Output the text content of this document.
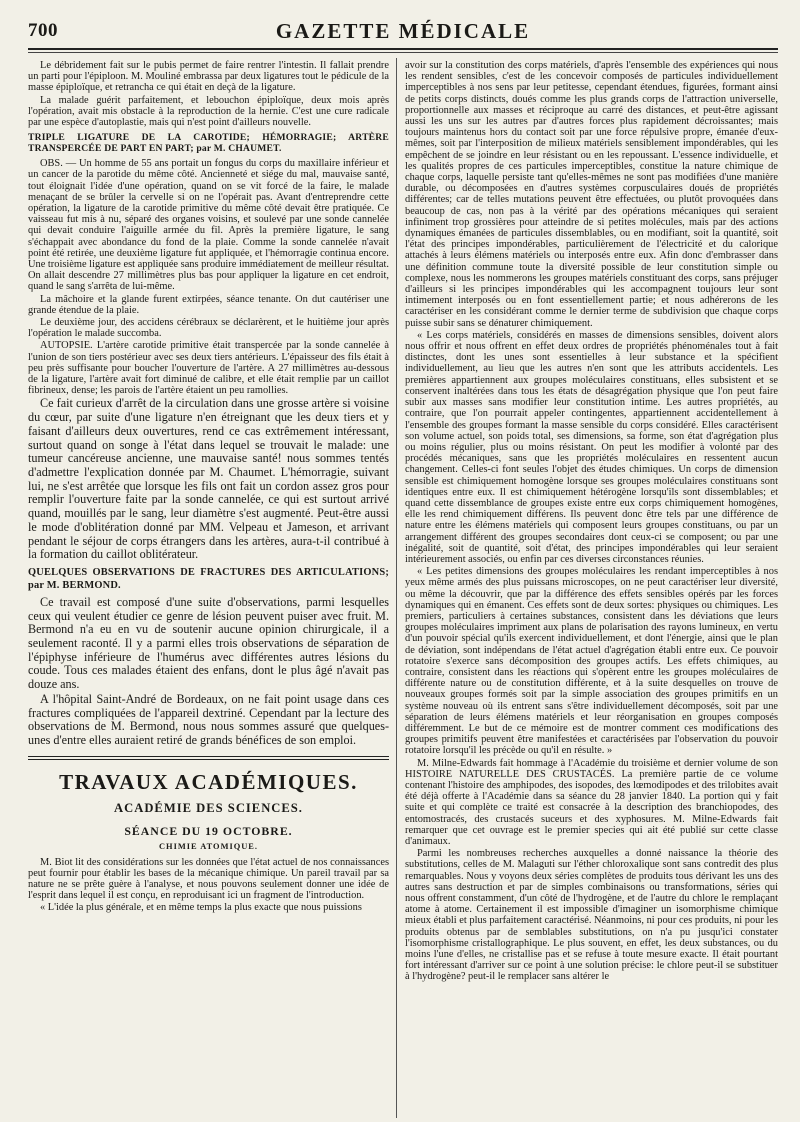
700	GAZETTE MÉDICALE

Le débridement fait sur le pubis permet de faire rentrer l'intestin. Il fallait prendre un parti pour l'épiploon. M. Mouliné embrassa par deux ligatures tout le pédicule de la masse épiploïque, et retrancha ce qui était en deçà de la ligature.

La malade guérit parfaitement, et lebouchon épiploïque, deux mois après l'opération, avait mis obstacle à la reproduction de la hernie. C'est une cure radicale par une espèce d'autoplastie, mais qui n'est point d'ailleurs nouvelle.

TRIPLE LIGATURE DE LA CAROTIDE; HÉMORRAGIE; ARTÈRE TRANSPERCÉE DE PART EN PART; par M. CHAUMET.

OBS. — Un homme de 55 ans portait un fongus du corps du maxillaire inférieur et un cancer de la parotide du même côté. Ancienneté et siége du mal, mauvaise santé, tout éloignait l'idée d'une opération, quand on se vit forcé de la faire, le malade menaçant de se brûler la cervelle si on ne l'opérait pas. Avant d'entreprendre cette opération, la ligature de la carotide primitive du même côté devait être pratiquée. Ce vaisseau fut mis à nu, séparé des organes voisins, et soulevé par une sonde cannelée qui devait conduire l'aiguille armée du fil. Après la première ligature, le sang s'échappait avec abondance du fond de la plaie. Comme la sonde cannelée n'avait point été retirée, une deuxième ligature fut appliquée, et l'hémorragie continua encore. Une troisième ligature est appliquée sans produire immédiatement de meilleur résultat. On allait descendre 27 millimètres plus bas pour appliquer la ligature en cet endroit, quand le sang s'arrêta de lui-même.

La mâchoire et la glande furent extirpées, séance tenante. On dut cautériser une grande étendue de la plaie.

Le deuxième jour, des accidens cérébraux se déclarèrent, et le huitième jour après l'opération le malade succomba.

AUTOPSIE. L'artère carotide primitive était transpercée par la sonde cannelée à l'union de son tiers postérieur avec ses deux tiers antérieurs. L'épaisseur des fils était à peu près suffisante pour boucher l'ouverture de l'artère. A 27 millimètres au-dessous de la ligature, l'artère avait fort diminué de calibre, et elle était remplie par un caillot fibrineux, dense; les parois de l'artère étaient un peu ramollies.

Ce fait curieux d'arrêt de la circulation dans une grosse artère si voisine du cœur, par suite d'une ligature n'en étreignant que les deux tiers et y faisant d'ailleurs deux ouvertures, rend ce cas extrêmement intéressant, surtout quand on songe à l'état dans lequel se trouvait le malade: une tumeur cancéreuse ancienne, une mauvaise santé! nous sommes tentés d'admettre l'explication donnée par M. Chaumet. L'hémorragie, suivant lui, ne s'est arrêtée que lorsque les fils ont fait un cordon assez gros pour remplir l'ouverture faite par la sonde cannelée, ce qui est surtout arrivé quand, mouillés par le sang, leur diamètre s'est augmenté. Peut-être aussi le mode d'oblitération donné par MM. Velpeau et Jameson, et arrivant pendant le séjour de corps étrangers dans les artères, aura-t-il contribué à la formation du caillot oblitérateur.

QUELQUES OBSERVATIONS DE FRACTURES DES ARTICULATIONS; par M. BERMOND.

Ce travail est composé d'une suite d'observations, parmi lesquelles ceux qui veulent étudier ce genre de lésion peuvent puiser avec fruit. M. Bermond n'a eu en vu de soutenir aucune opinion chirurgicale, il a seulement raconté. Il y a parmi elles trois observations de séparation de l'épiphyse inférieure de l'humérus avec différentes autres lésions du coude. Tous ces malades étaient des enfans, dont le plus âgé n'avait pas douze ans.

A l'hôpital Saint-André de Bordeaux, on ne fait point usage dans ces fractures compliquées de l'appareil dextriné. Cependant par la lecture des observations de M. Bermond, nous nous sommes assuré que quelques-unes d'entre elles auraient retiré de grands bénéfices de son emploi.

TRAVAUX ACADÉMIQUES.
ACADÉMIE DES SCIENCES.
SÉANCE DU 19 OCTOBRE.
CHIMIE ATOMIQUE.

M. Biot lit des considérations sur les données que l'état actuel de nos connaissances peut fournir pour établir les bases de la mécanique chimique. Un pareil travail par sa nature ne se prête guère à l'analyse, et nous pouvons seulement donner une idée de l'esprit dans lequel il est conçu, en reproduisant ici un fragment de l'introduction.

« L'idée la plus générale, et en même temps la plus exacte que nous puissions

avoir sur la constitution des corps matériels, d'après l'ensemble des expériences qui nous les rendent sensibles, c'est de les concevoir composés de particules individuellement imperceptibles à nos sens par leur petitesse, cependant étendues, figurées, formant ainsi de petits corps distincts, doués comme les plus grands corps de l'attraction universelle, proportionnelle aux masses et réciproque au carré des distances, et peut-être agissant aussi les uns sur les autres par d'autres forces plus rapidement décroissantes; mais toujours maintenus hors du contact soit par une force répulsive propre, émanée d'eux-mêmes, soit par l'interposition de milieux matériels sensiblement impondérables, qui les empêchent de se joindre en leur résistant ou en les repoussant. L'essence individuelle, et les qualités propres de ces particules imperceptibles, constitue la nature chimique de chaque corps, laquelle persiste tant qu'elles-mêmes ne sont pas modifiées d'une manière durable, ou décomposées en d'autres systèmes corpusculaires doués de propriétés différentes; car de telles mutations peuvent être effectuées, ou plutôt provoquées dans beaucoup de cas, non pas à la vérité par des opérations mécaniques qui seraient infiniment trop grossières pour atteindre de si petites molécules, mais par des actions dynamiques émanées de particules dissemblables, ou en modifiant, soit la quantité, soit l'état des principes impondérables, particulièrement de l'électricité et du calorique attachés à leurs élémens matériels ou interposés entre eux. Afin donc d'embrasser dans une définition commune toute la diversité possible de leur constitution simple ou complexe, nous les nommerons les groupes matériels constituant des corps, sans préjuger d'ailleurs si les principes impondérables qui les accompagnent toujours leur sont intimement interposés ou en font essentiellement partie; et nous adhérerons de les caractériser en les considérant comme le dernier terme de subdivision que chaque corps puisse subir sans se dénaturer chimiquement.

« Les corps matériels, considérés en masses de dimensions sensibles, doivent alors nous offrir et nous offrent en effet deux ordres de propriétés phénoménales tout à fait distinctes, dont les unes sont essentielles à leur substance et la spécifient individuellement, au lieu que les autres n'en sont que les attributs accidentels. Les premières appartiennent aux groupes moléculaires constituans, elles subsistent et se conservent inaltérées dans tous les états de désagrégation physique que l'on peut faire subir aux masses sans modifier leur constitution intime. Les autres propriétés, au contraire, que l'on pourrait appeler contingentes, appartiennent accidentellement à l'ensemble des groupes formant la masse sensible du corps considéré. Elles caractérisent son volume actuel, son poids total, ses dimensions, sa forme, son état d'agrégation plus ou moins régulier, plus ou moins résistant. On peut les modifier à volonté par des procédés mécaniques, sans que les propriétés moléculaires en ressentent aucun changement. Celles-ci font seules l'objet des études chimiques. Un corps de dimension sensible est chimiquement homogène lorsque ses groupes moléculaires constituans sont identiques entre eux. Il est chimiquement hétérogène lorsqu'ils sont dissemblables; et quand cette dissemblance de groupes existe entre eux corps chimiquement homogènes, elle les rend chimiquement différens. Ils peuvent donc être tels par une différence de nature entre les élémens matériels qui composent leurs groupes constituans, ou par un arrangement différent des groupes secondaires dont ceux-ci se composent; ou par une inégalité, soit de quantité, soit d'état, des principes impondérables qui leur seraient intérieurement associés, ou enfin par ces diverses circonstances réunies.

« Les petites dimensions des groupes moléculaires les rendant imperceptibles à nos yeux même armés des plus puissans microscopes, on ne peut caractériser leur diversité, ou même la découvrir, que par la différence des effets sensibles opérés par les forces dynamiques qui en émanent. Ces effets sont de deux sortes: physiques ou chimiques. Les premiers, particuliers à certaines substances, consistent dans les déviations que leurs groupes moléculaires impriment aux plans de polarisation des rayons lumineux, en vertu d'un pouvoir spécial qu'ils exercent individuellement, et dont l'énergie, ainsi que le plan de déviation, sont indépendans de l'état actuel d'agrégation établi entre eux. Ce pouvoir rotatoire s'exerce sans décomposition des groupes actifs. Les effets chimiques, au contraire, consistent dans les réactions qui s'opèrent entre les groupes moléculaires de différente nature ou de constitution différente, et à la suite desquelles on trouve de nouveaux groupes formés soit par la simple association des groupes primitifs en un système nouveau où ils entrent sans s'être individuellement décomposés, soit par une séparation de leurs élémens matériels et leur réorganisation en groupes composés différemment. Le but de ce mémoire est de montrer comment ces modifications des groupes primitifs peuvent être manifestées et caractérisées par l'observation du pouvoir rotatoire lorsqu'il les précède ou qu'il en résulte. »

M. Milne-Edwards fait hommage à l'Académie du troisième et dernier volume de son HISTOIRE NATURELLE DES CRUSTACÉS. La première partie de ce volume contenant l'histoire des amphipodes, des isopodes, des lœmodipodes et des trilobites avait été déjà offerte à l'Académie dans sa séance du 28 janvier 1840. La portion qui y fait suite et qui complète ce traité est consacrée à la description des branchiopodes, des entomostracés, des crustacés suceurs et des xyphosures. M. Milne-Edwards fait remarquer que cet ouvrage est le premier species qui ait été publié sur cette classe d'animaux.

Parmi les nombreuses recherches auxquelles a donné naissance la théorie des substitutions, celles de M. Malaguti sur l'éther chloroxalique sont sans contredit des plus remarquables. Nous y voyons deux séries complètes de produits tous dérivant les uns des autres sans destruction et par de simples combinaisons ou transformations, séries qui nous offrent constamment, d'un côté de l'hydrogène, et de l'autre du chlore le remplaçant atome à atome. Certainement il est impossible d'imaginer un isomorphisme chimique mieux établi et plus parfaitement caractérisé. Néanmoins, ni pour ces produits, ni pour les produits obtenus par de semblables substitutions, on n'a pu jusqu'ici constater l'isomorphisme cristallographique. Le plus souvent, en effet, les deux substances, ou du moins l'une d'elles, ne cristallise pas et se refuse à toute mesure exacte. Il était pourtant fort intéressant d'arriver sur ce point à une solution précise: le chlore peut-il se substituer à l'hydrogène? peut-il le remplacer sans altérer le
